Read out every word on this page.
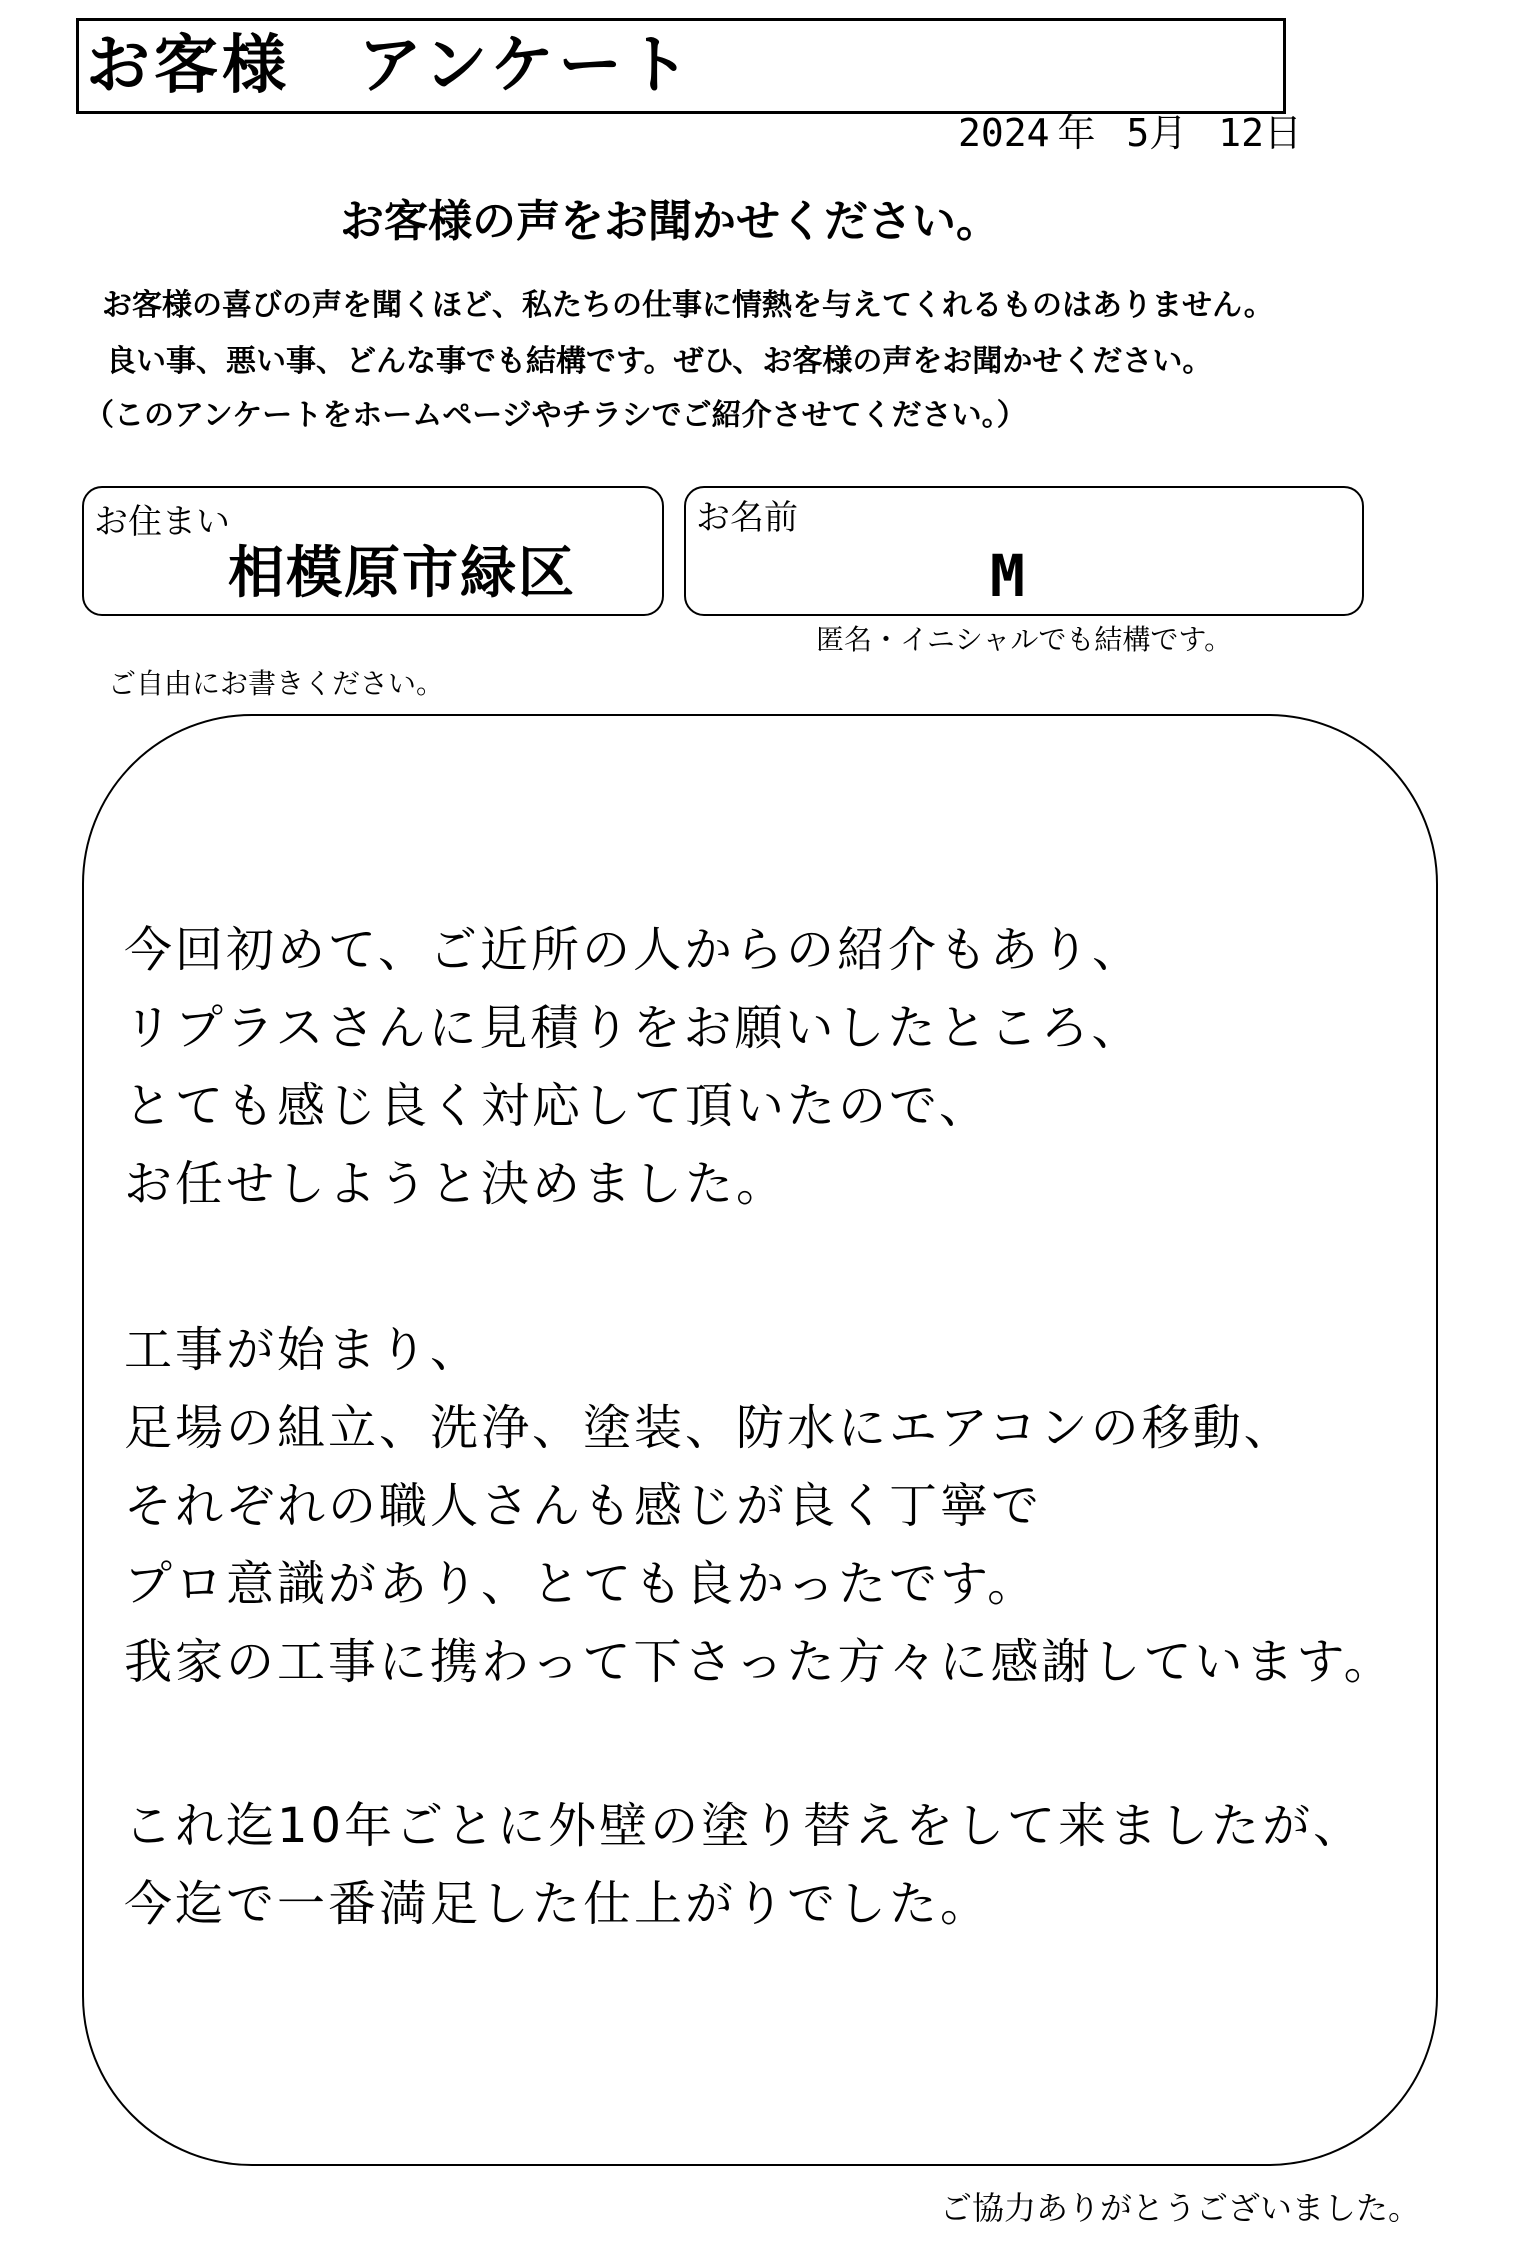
お客様　アンケート
2024 年 5月 12日
お客様の声をお聞かせください。
お客様の喜びの声を聞くほど、私たちの仕事に情熱を与えてくれるものはありません。
良い事、悪い事、どんな事でも結構です。ぜひ、お客様の声をお聞かせください。
（このアンケートをホームページやチラシでご紹介させてください。）
お住まい
相模原市緑区
お名前
M
匿名・イニシャルでも結構です。
ご自由にお書きください。
今回初めて、ご近所の人からの紹介もあり、
リプラスさんに見積りをお願いしたところ、
とても感じ良く対応して頂いたので、
お任せしようと決めました。
工事が始まり、
足場の組立、洗浄、塗装、防水にエアコンの移動、
それぞれの職人さんも感じが良く丁寧で
プロ意識があり、とても良かったです。
我家の工事に携わって下さった方々に感謝しています。
これ迄10年ごとに外壁の塗り替えをして来ましたが、
今迄で一番満足した仕上がりでした。
ご協力ありがとうございました。
